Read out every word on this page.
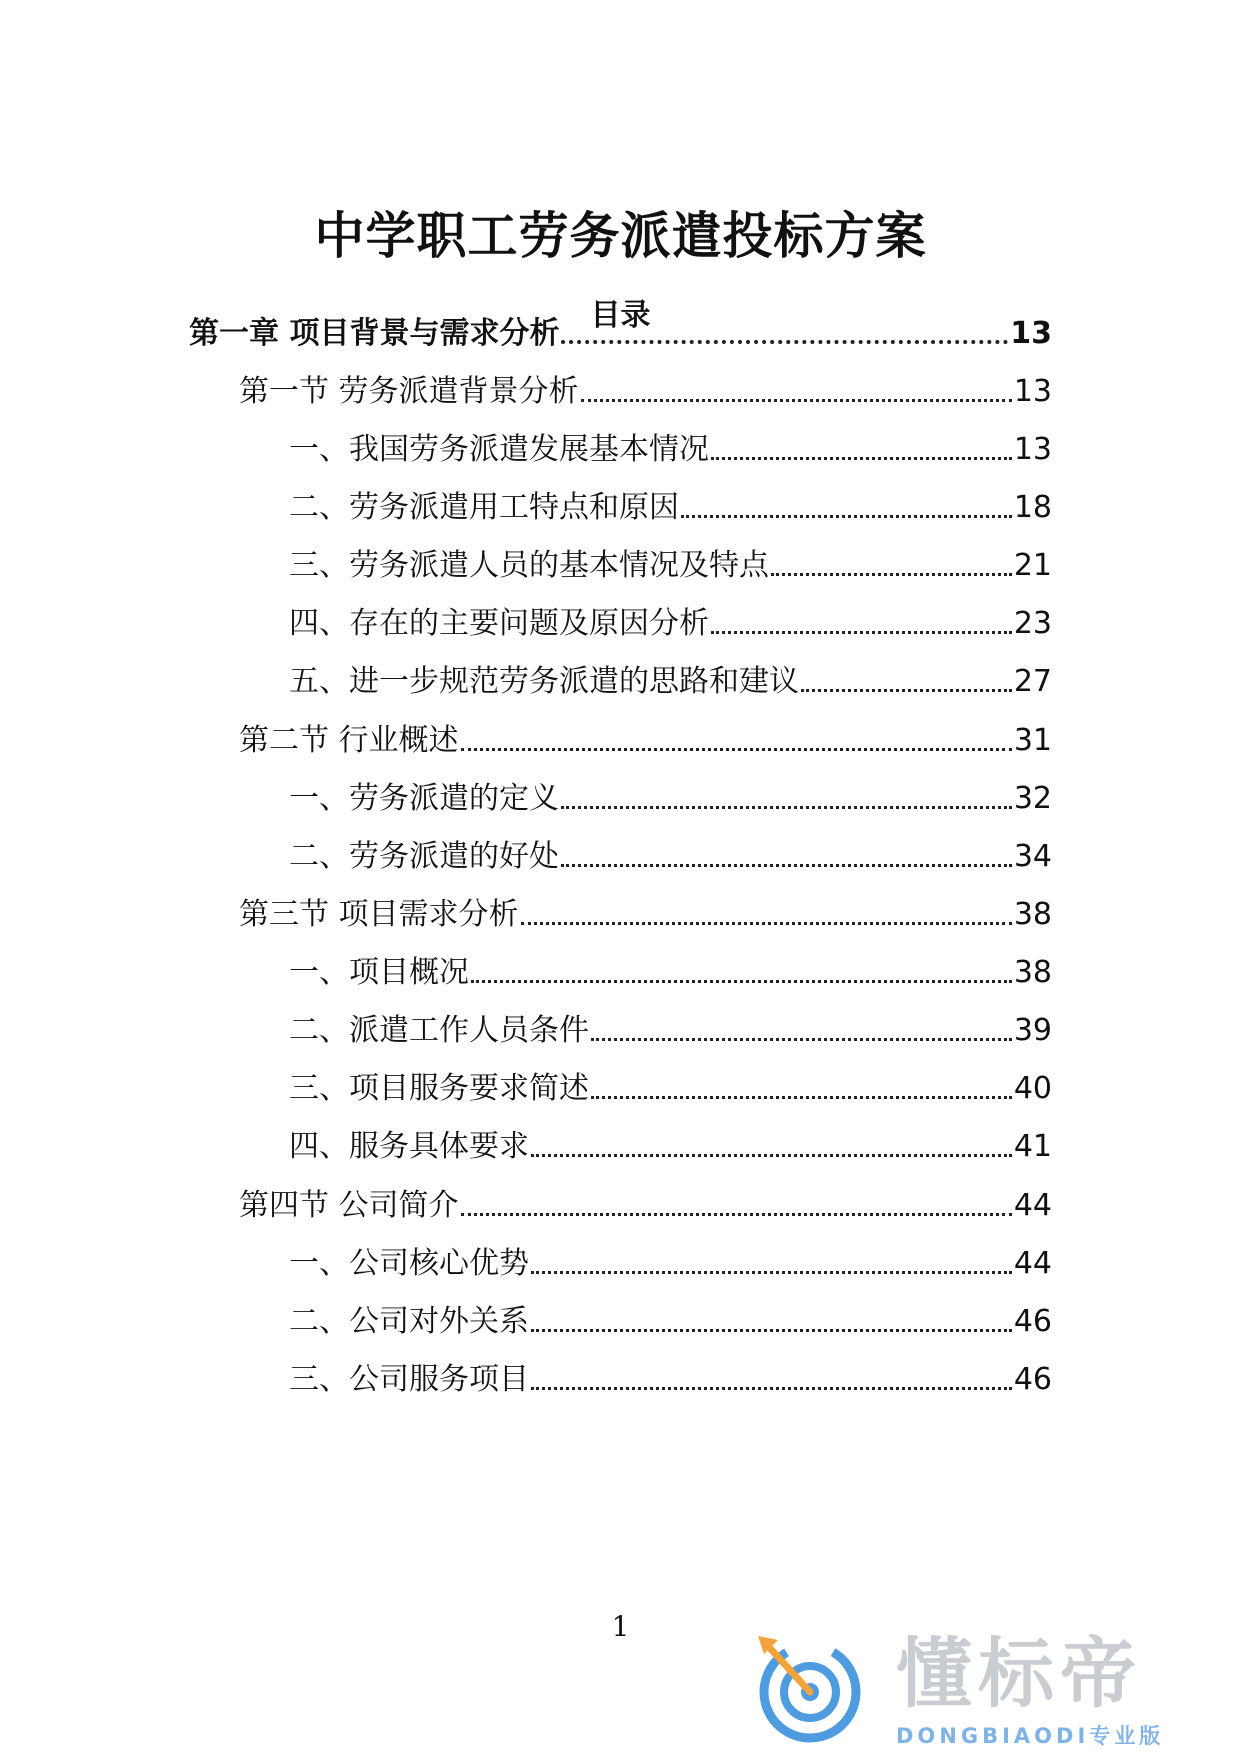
中学职工劳务派遣投标方案
目录
第一章 项目背景与需求分析	13
第一节 劳务派遣背景分析	13
一、我国劳务派遣发展基本情况	13
二、劳务派遣用工特点和原因	18
三、劳务派遣人员的基本情况及特点	21
四、存在的主要问题及原因分析	23
五、进一步规范劳务派遣的思路和建议	27
第二节 行业概述	31
一、劳务派遣的定义	32
二、劳务派遣的好处	34
第三节 项目需求分析	38
一、项目概况	38
二、派遣工作人员条件	39
三、项目服务要求简述	40
四、服务具体要求	41
第四节 公司简介	44
一、公司核心优势	44
二、公司对外关系	46
三、公司服务项目	46
1
懂标帝
DONGBIAODI专业版
